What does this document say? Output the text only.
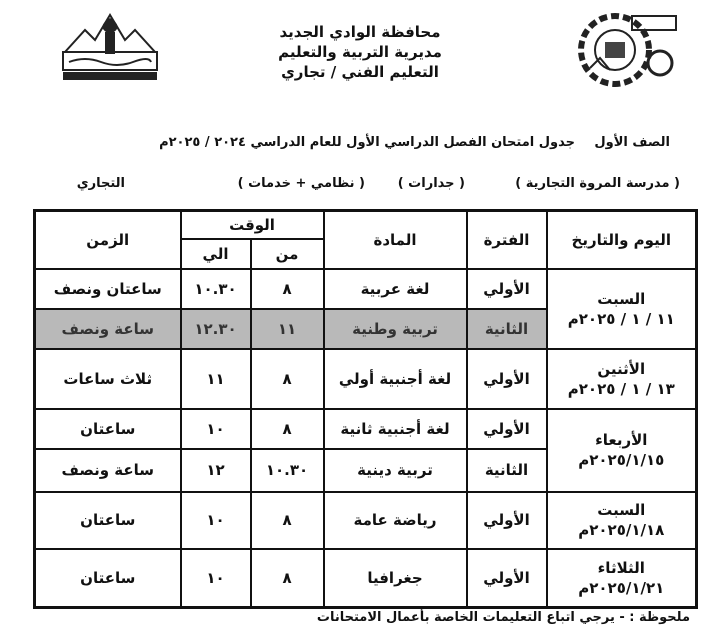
محافظة الوادي الجديد
مديرية التربية والتعليم
التعليم الفني / تجاري
الصف الأول
جدول امتحان الفصل الدراسي الأول للعام الدراسي ٢٠٢٤ / ٢٠٢٥م
( مدرسة المروة التجارية )
( جدارات )
( نظامي + خدمات )
التجاري
اليوم والتاريخ	الفترة	المادة	الوقت		الزمن
			من	الي	

السبت
١١ / ١ / ٢٠٢٥م	الأولي	لغة عربية	٨	١٠.٣٠	ساعتان ونصف
	الثانية	تربية وطنية	١١	١٢.٣٠	ساعة ونصف

الأثنين
١٣ / ١ / ٢٠٢٥م	الأولي	لغة أجنبية أولي	٨	١١	ثلاث ساعات

الأربعاء
٢٠٢٥/١/١٥م	الأولي	لغة أجنبية ثانية	٨	١٠	ساعتان
	الثانية	تربية دينية	١٠.٣٠	١٢	ساعة ونصف

السبت
٢٠٢٥/١/١٨م	الأولي	رياضة عامة	٨	١٠	ساعتان

الثلاثاء
٢٠٢٥/١/٢١م	الأولي	جغرافيا	٨	١٠	ساعتان
ملحوظة : - يرجي اتباع التعليمات الخاصة بأعمال الامتحانات
